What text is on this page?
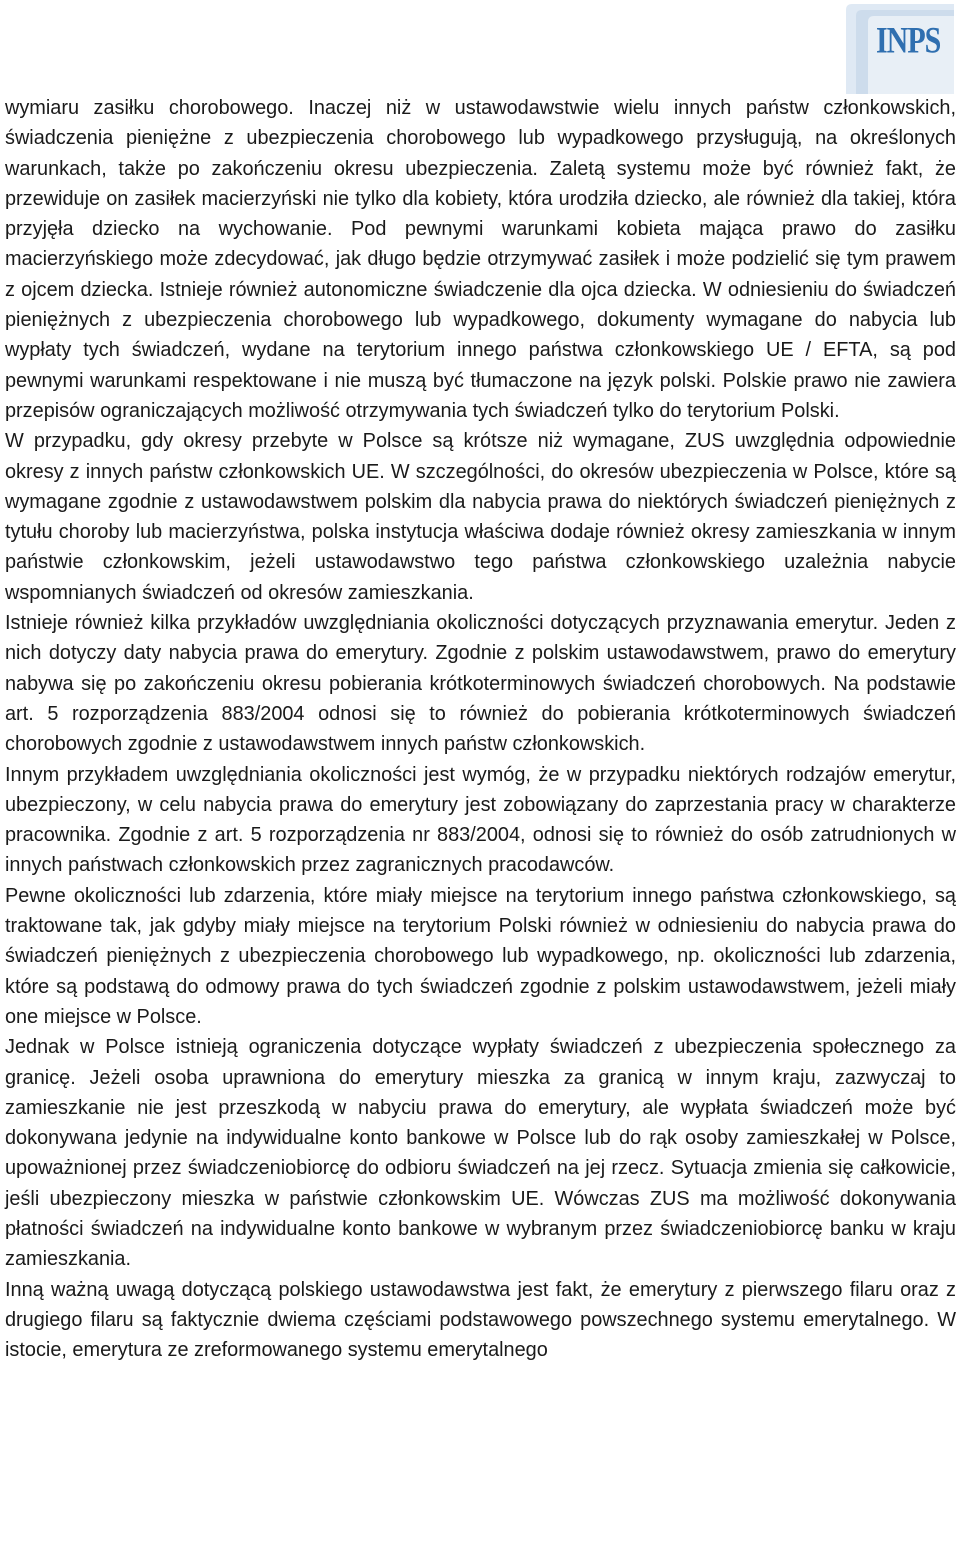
INPS

wymiaru zasiłku chorobowego. Inaczej niż w ustawodawstwie wielu innych państw członkowskich, świadczenia pieniężne z ubezpieczenia chorobowego lub wypadkowego przysługują, na określonych warunkach, także po zakończeniu okresu ubezpieczenia. Zaletą systemu może być również fakt, że przewiduje on zasiłek macierzyński nie tylko dla kobiety, która urodziła dziecko, ale również dla takiej, która przyjęła dziecko na wychowanie. Pod pewnymi warunkami kobieta mająca prawo do zasiłku macierzyńskiego może zdecydować, jak długo będzie otrzymywać zasiłek i może podzielić się tym prawem z ojcem dziecka. Istnieje również autonomiczne świadczenie dla ojca dziecka. W odniesieniu do świadczeń pieniężnych z ubezpieczenia chorobowego lub wypadkowego, dokumenty wymagane do nabycia lub wypłaty tych świadczeń, wydane na terytorium innego państwa członkowskiego UE / EFTA, są pod pewnymi warunkami respektowane i nie muszą być tłumaczone na język polski. Polskie prawo nie zawiera przepisów ograniczających możliwość otrzymywania tych świadczeń tylko do terytorium Polski.

W przypadku, gdy okresy przebyte w Polsce są krótsze niż wymagane, ZUS uwzględnia odpowiednie okresy z innych państw członkowskich UE. W szczególności, do okresów ubezpieczenia w Polsce, które są wymagane zgodnie z ustawodawstwem polskim dla nabycia prawa do niektórych świadczeń pieniężnych z tytułu choroby lub macierzyństwa, polska instytucja właściwa dodaje również okresy zamieszkania w innym państwie członkowskim, jeżeli ustawodawstwo tego państwa członkowskiego uzależnia nabycie wspomnianych świadczeń od okresów zamieszkania.

Istnieje również kilka przykładów uwzględniania okoliczności dotyczących przyznawania emerytur. Jeden z nich dotyczy daty nabycia prawa do emerytury. Zgodnie z polskim ustawodawstwem, prawo do emerytury nabywa się po zakończeniu okresu pobierania krótkoterminowych świadczeń chorobowych. Na podstawie art. 5 rozporządzenia 883/2004 odnosi się to również do pobierania krótkoterminowych świadczeń chorobowych zgodnie z ustawodawstwem innych państw członkowskich.

Innym przykładem uwzględniania okoliczności jest wymóg, że w przypadku niektórych rodzajów emerytur, ubezpieczony, w celu nabycia prawa do emerytury jest zobowiązany do zaprzestania pracy w charakterze pracownika. Zgodnie z art. 5 rozporządzenia nr 883/2004, odnosi się to również do osób zatrudnionych w innych państwach członkowskich przez zagranicznych pracodawców.

Pewne okoliczności lub zdarzenia, które miały miejsce na terytorium innego państwa członkowskiego, są traktowane tak, jak gdyby miały miejsce na terytorium Polski również w odniesieniu do nabycia prawa do świadczeń pieniężnych z ubezpieczenia chorobowego lub wypadkowego, np. okoliczności lub zdarzenia, które są podstawą do odmowy prawa do tych świadczeń zgodnie z polskim ustawodawstwem, jeżeli miały one miejsce w Polsce.

Jednak w Polsce istnieją ograniczenia dotyczące wypłaty świadczeń z ubezpieczenia społecznego za granicę. Jeżeli osoba uprawniona do emerytury mieszka za granicą w innym kraju, zazwyczaj to zamieszkanie nie jest przeszkodą w nabyciu prawa do emerytury, ale wypłata świadczeń może być dokonywana jedynie na indywidualne konto bankowe w Polsce lub do rąk osoby zamieszkałej w Polsce, upoważnionej przez świadczeniobiorcę do odbioru świadczeń na jej rzecz. Sytuacja zmienia się całkowicie, jeśli ubezpieczony mieszka w państwie członkowskim UE. Wówczas ZUS ma możliwość dokonywania płatności świadczeń na indywidualne konto bankowe w wybranym przez świadczeniobiorcę banku w kraju zamieszkania.

Inną ważną uwagą dotyczącą polskiego ustawodawstwa jest fakt, że emerytury z pierwszego filaru oraz z drugiego filaru są faktycznie dwiema częściami podstawowego powszechnego systemu emerytalnego. W istocie, emerytura ze zreformowanego systemu emerytalnego
